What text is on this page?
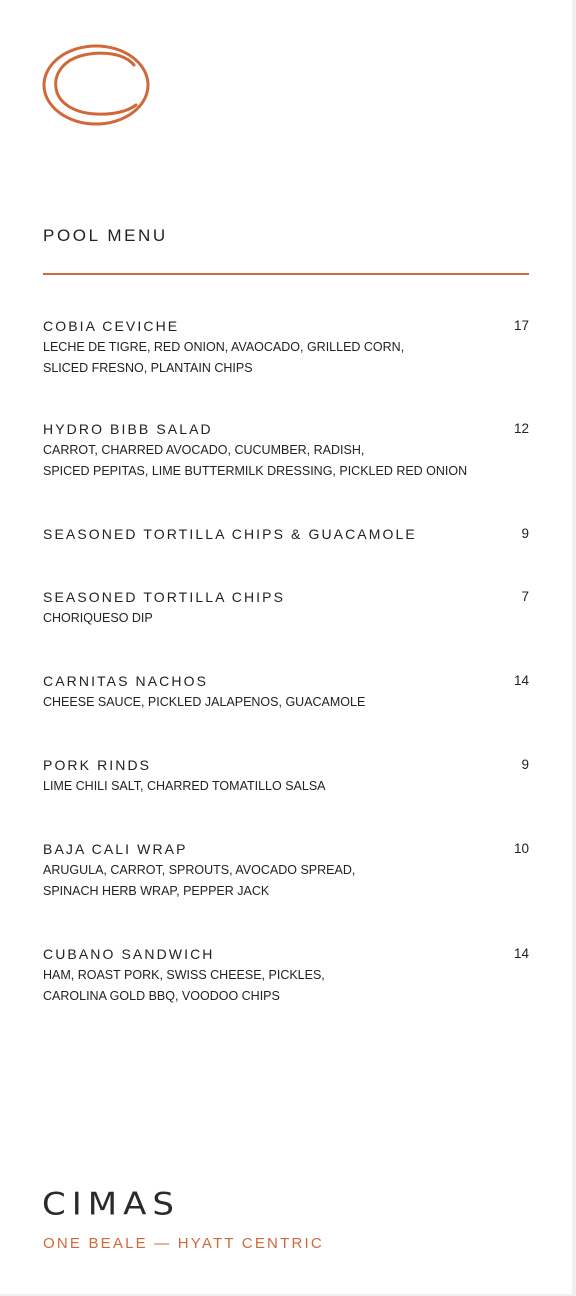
POOL MENU
COBIA CEVICHE
LECHE DE TIGRE, RED ONION, AVAOCADO, GRILLED CORN,
SLICED FRESNO, PLANTAIN CHIPS
17
HYDRO BIBB SALAD
CARROT, CHARRED AVOCADO, CUCUMBER, RADISH,
SPICED PEPITAS, LIME BUTTERMILK DRESSING, PICKLED RED ONION
12
SEASONED TORTILLA CHIPS & GUACAMOLE	9
SEASONED TORTILLA CHIPS
CHORIQUESO DIP
7
CARNITAS NACHOS
CHEESE SAUCE, PICKLED JALAPENOS, GUACAMOLE
14
PORK RINDS
LIME CHILI SALT, CHARRED TOMATILLO SALSA
9
BAJA CALI WRAP
ARUGULA, CARROT, SPROUTS, AVOCADO SPREAD,
SPINACH HERB WRAP, PEPPER JACK
10
CUBANO SANDWICH
HAM, ROAST PORK, SWISS CHEESE, PICKLES,
CAROLINA GOLD BBQ, VOODOO CHIPS
14
CIMAS
ONE BEALE — HYATT CENTRIC
